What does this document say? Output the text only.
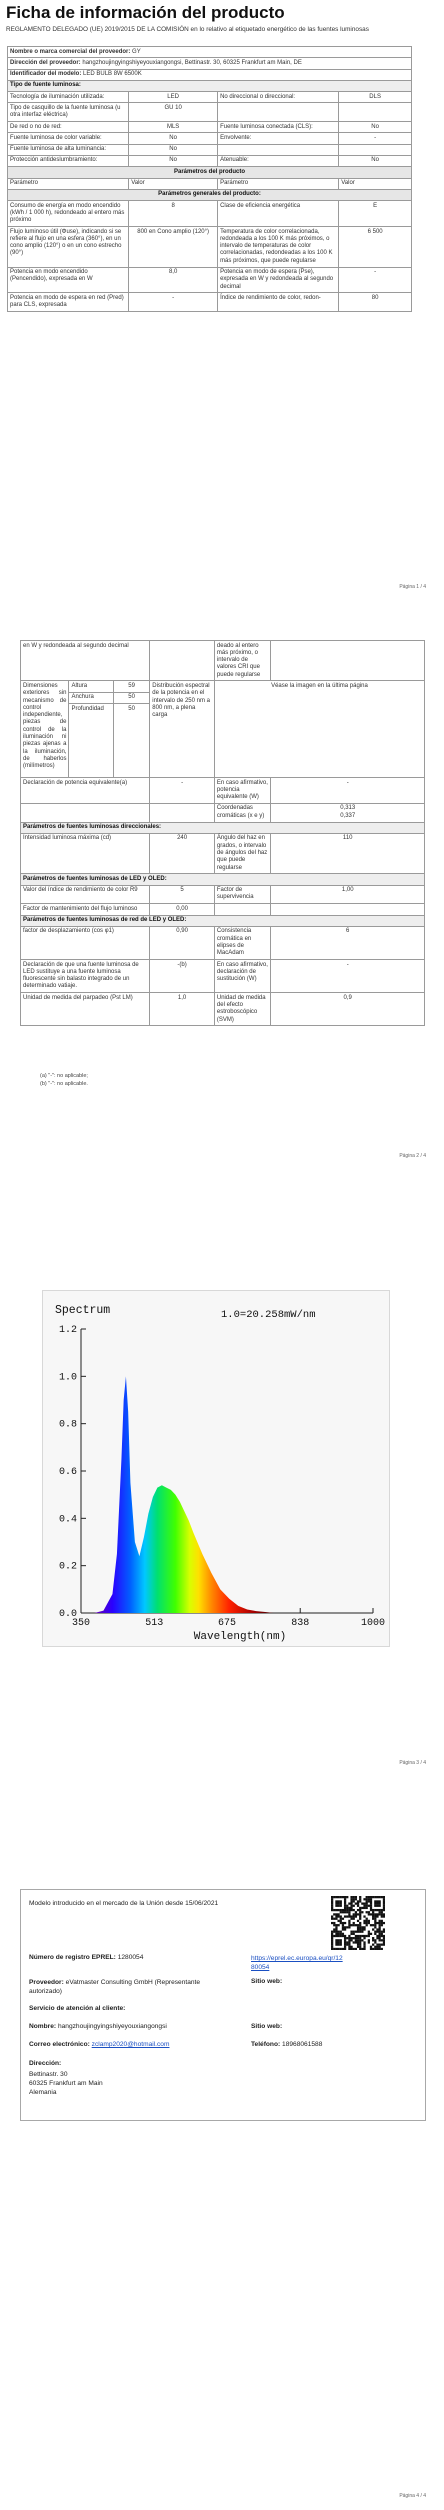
Ficha de información del producto
REGLAMENTO DELEGADO (UE) 2019/2015 DE LA COMISIÓN en lo relativo al etiquetado energético de las fuentes luminosas
Nombre o marca comercial del proveedor: GY			
Dirección del proveedor: hangzhoujingyingshiyeyouxiangongsi, Bettinastr. 30, 60325 Frankfurt am Main, DE			
Identificador del modelo: LED BULB 8W 6500K			
Tipo de fuente luminosa:			
Tecnología de iluminación utilizada:	LED	No direccional o direccional:	DLS
Tipo de casquillo de la fuente luminosa (u otra interfaz eléctrica)	GU 10		
De red o no de red:	MLS	Fuente luminosa conectada (CLS):	No
Fuente luminosa de color variable:	No	Envolvente:	-
Fuente luminosa de alta luminancia:	No		
Protección antideslumbramiento:	No	Atenuable:	No
Parámetros del producto			
Parámetro	Valor	Parámetro	Valor
Parámetros generales del producto:			
Consumo de energía en modo encendido (kWh / 1 000 h), redondeado al entero más próximo	8	Clase de eficiencia energética	E
Flujo luminoso útil (Φuse), indicando si se refiere al flujo en una esfera (360°), en un cono amplio (120°) o en un cono estrecho (90°)	800 en Cono amplio (120°)	Temperatura de color correlacionada, redondeada a los 100 K más próximos, o intervalo de temperaturas de color correlacionadas, redondeadas a los 100 K más próximos, que puede regularse	6 500
Potencia en modo encendido (Pencendido), expresada en W	8,0	Potencia en modo de espera (Pse), expresada en W y redondeada al segundo decimal	-
Potencia en modo de espera en red (Pred) para CLS, expresada	-	Índice de rendimiento de color, redon-	80
Página 1 / 4
en W y redondeada al segundo decimal				deado al entero más próximo, o intervalo de valores CRI que puede regularse	
Dimensiones exteriores sin mecanismo de control independiente, piezas de control de la iluminación ni piezas ajenas a la iluminación, de haberlos (milímetros)	Altura	59	Distribución espectral de la potencia en el intervalo de 250 nm a 800 nm, a plena carga	Véase la imagen en la última página	
	Anchura	50			
	Profundidad	50			
Declaración de potencia equivalente(a)			-	En caso afirmativo, potencia equivalente (W)	-
				Coordenadas cromáticas (x e y)	0,313
0,337
Parámetros de fuentes luminosas direccionales:					
Intensidad luminosa máxima (cd)			240	Ángulo del haz en grados, o intervalo de ángulos del haz que puede regularse	110
Parámetros de fuentes luminosas de LED y OLED:					
Valor del índice de rendimiento de color R9			5	Factor de supervivencia	1,00
Factor de mantenimiento del flujo luminoso			0,00		
Parámetros de fuentes luminosas de red de LED y OLED:					
factor de desplazamiento (cos φ1)			0,90	Consistencia cromática en elipses de MacAdam	6
Declaración de que una fuente luminosa de LED sustituye a una fuente luminosa fluorescente sin balasto integrado de un determinado vatiaje.			-(b)	En caso afirmativo, declaración de sustitución (W)	-
Unidad de medida del parpadeo (Pst LM)			1,0	Unidad de medida del efecto estroboscópico (SVM)	0,9
(a) "-": no aplicable;
(b) "-": no aplicable.
Página 2 / 4
Spectrum	1.0=20.258mW/nm
350	513	675	838	1000
0.0
0.2
0.4
0.6
0.8
1.0
1.2
Wavelength(nm)
Página 3 / 4
Modelo introducido en el mercado de la Unión desde 15/06/2021
Número de registro EPREL: 1280054	https://eprel.ec.europa.eu/qr/1280054
Proveedor: eVatmaster Consulting GmbH (Representante autorizado)
Sitio web:
Servicio de atención al cliente:
Nombre: hangzhoujingyingshiyeyouxiangongsi	Sitio web:
Correo electrónico: zclamp2020@hotmail.com	Teléfono: 18968061588
Dirección:
Bettinastr. 30
60325 Frankfurt am Main
Alemania
Página 4 / 4
